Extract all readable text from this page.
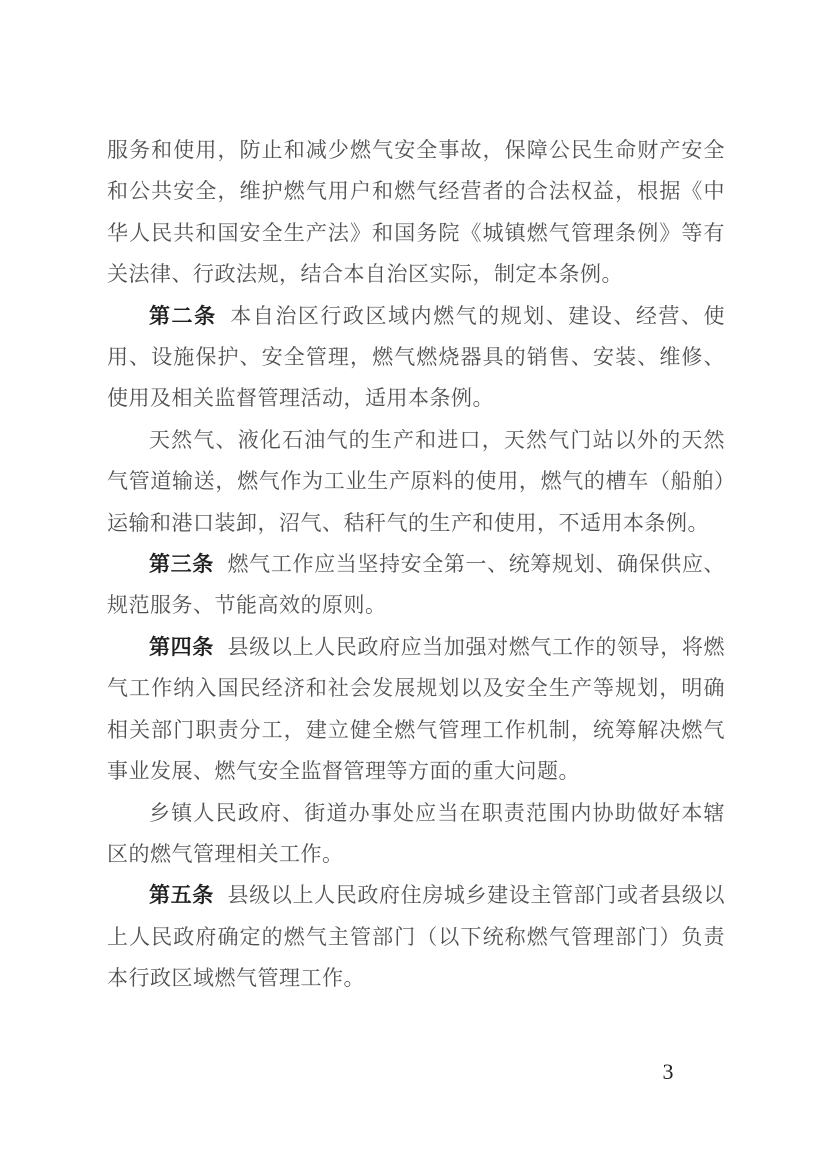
服务和使用，防止和减少燃气安全事故，保障公民生命财产安全和公共安全，维护燃气用户和燃气经营者的合法权益，根据《中华人民共和国安全生产法》和国务院《城镇燃气管理条例》等有关法律、行政法规，结合本自治区实际，制定本条例。

第二条 本自治区行政区域内燃气的规划、建设、经营、使用、设施保护、安全管理，燃气燃烧器具的销售、安装、维修、使用及相关监督管理活动，适用本条例。

天然气、液化石油气的生产和进口，天然气门站以外的天然气管道输送，燃气作为工业生产原料的使用，燃气的槽车（船舶）运输和港口装卸，沼气、秸秆气的生产和使用，不适用本条例。

第三条 燃气工作应当坚持安全第一、统筹规划、确保供应、规范服务、节能高效的原则。

第四条 县级以上人民政府应当加强对燃气工作的领导，将燃气工作纳入国民经济和社会发展规划以及安全生产等规划，明确相关部门职责分工，建立健全燃气管理工作机制，统筹解决燃气事业发展、燃气安全监督管理等方面的重大问题。

乡镇人民政府、街道办事处应当在职责范围内协助做好本辖区的燃气管理相关工作。

第五条 县级以上人民政府住房城乡建设主管部门或者县级以上人民政府确定的燃气主管部门（以下统称燃气管理部门）负责本行政区域燃气管理工作。

3
